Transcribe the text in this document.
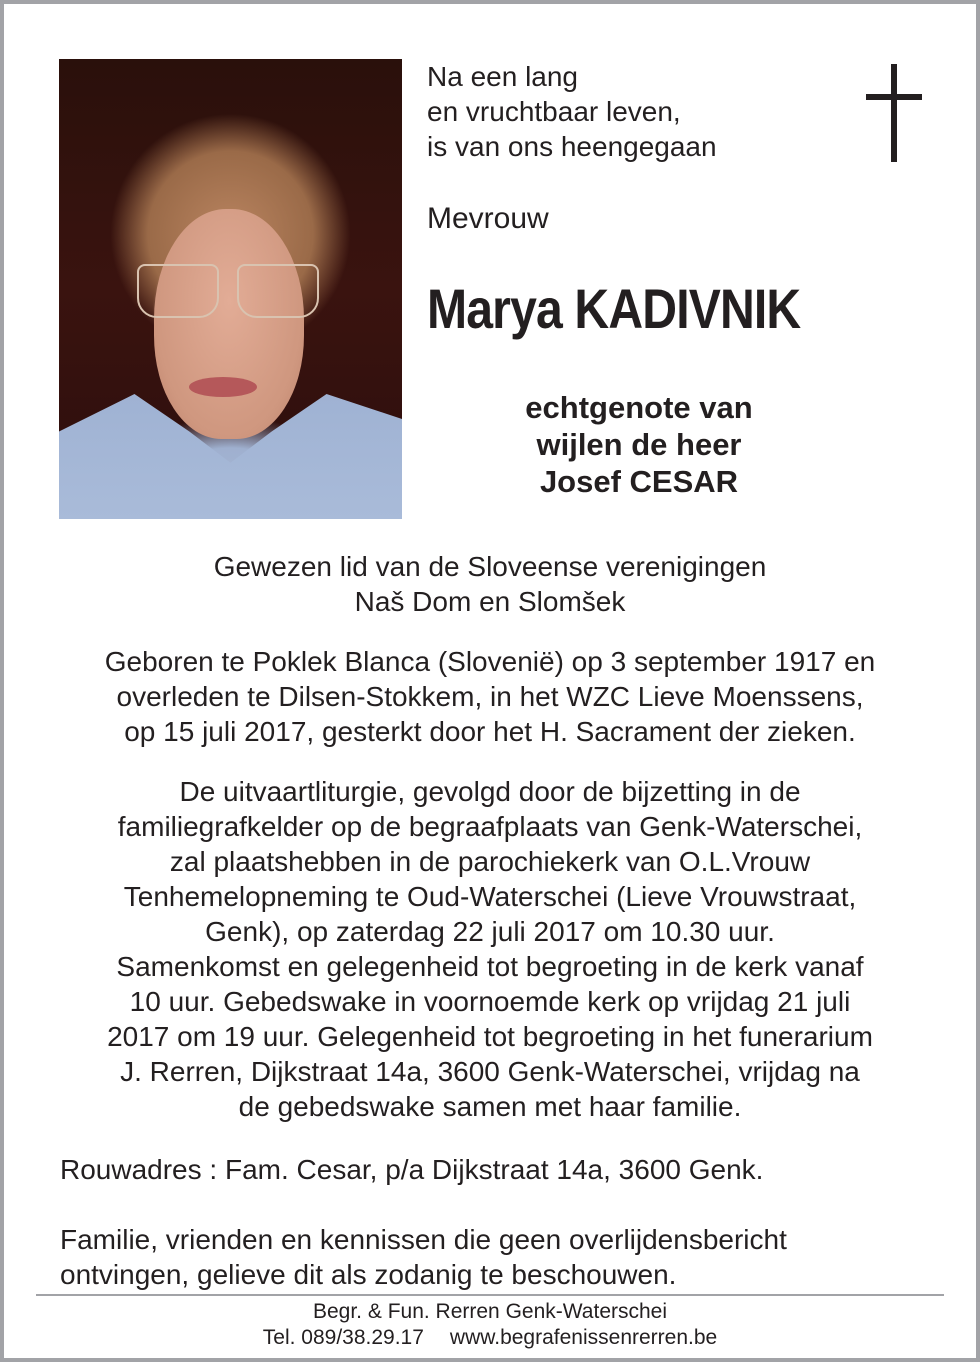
Na een lang
en vruchtbaar leven,
is van ons heengegaan
Mevrouw
Marya KADIVNIK
echtgenote van
wijlen de heer
Josef CESAR
Gewezen lid van de Sloveense verenigingen
Naš Dom en Slomšek
Geboren te Poklek Blanca (Slovenië) op 3 september 1917 en
overleden te Dilsen-Stokkem, in het WZC Lieve Moenssens,
op 15 juli 2017, gesterkt door het H. Sacrament der zieken.
De uitvaartliturgie, gevolgd door de bijzetting in de
familiegrafkelder op de begraafplaats van Genk-Waterschei,
zal plaatshebben in de parochiekerk van O.L.Vrouw
Tenhemelopneming te Oud-Waterschei (Lieve Vrouwstraat,
Genk), op zaterdag 22 juli 2017 om 10.30 uur.
Samenkomst en gelegenheid tot begroeting in de kerk vanaf
10 uur. Gebedswake in voornoemde kerk op vrijdag 21 juli
2017 om 19 uur. Gelegenheid tot begroeting in het funerarium
J. Rerren, Dijkstraat 14a, 3600 Genk-Waterschei, vrijdag na
de gebedswake samen met haar familie.
Rouwadres : Fam. Cesar, p/a Dijkstraat 14a, 3600 Genk.
Familie, vrienden en kennissen die geen overlijdensbericht
ontvingen, gelieve dit als zodanig te beschouwen.
Begr. & Fun. Rerren Genk-Waterschei
Tel. 089/38.29.17 www.begrafenissenrerren.be
